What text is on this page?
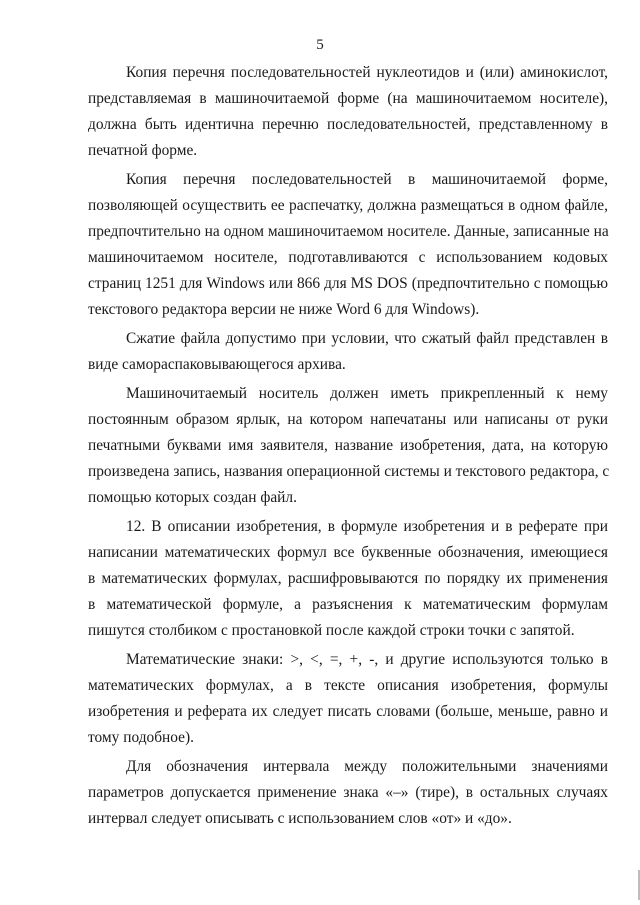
5
Копия перечня последовательностей нуклеотидов и (или) аминокислот,
представляемая в машиночитаемой форме (на машиночитаемом носителе),
должна быть идентична перечню последовательностей, представленному в
печатной форме.
Копия перечня последовательностей в машиночитаемой форме,
позволяющей осуществить ее распечатку, должна размещаться в одном файле,
предпочтительно на одном машиночитаемом носителе. Данные, записанные на
машиночитаемом носителе, подготавливаются с использованием кодовых
страниц 1251 для Windows или 866 для MS DOS (предпочтительно с помощью
текстового редактора версии не ниже Word 6 для Windows).
Сжатие файла допустимо при условии, что сжатый файл представлен в
виде самораспаковывающегося архива.
Машиночитаемый носитель должен иметь прикрепленный к нему
постоянным образом ярлык, на котором напечатаны или написаны от руки
печатными буквами имя заявителя, название изобретения, дата, на которую
произведена запись, названия операционной системы и текстового редактора, с
помощью которых создан файл.
12. В описании изобретения, в формуле изобретения и в реферате при
написании математических формул все буквенные обозначения, имеющиеся
в математических формулах, расшифровываются по порядку их применения
в математической формуле, а разъяснения к математическим формулам
пишутся столбиком с простановкой после каждой строки точки с запятой.
Математические знаки: >, <, =, +, -, и другие используются только в
математических формулах, а в тексте описания изобретения, формулы
изобретения и реферата их следует писать словами (больше, меньше, равно и
тому подобное).
Для обозначения интервала между положительными значениями
параметров допускается применение знака «–» (тире), в остальных случаях
интервал следует описывать с использованием слов «от» и «до».
